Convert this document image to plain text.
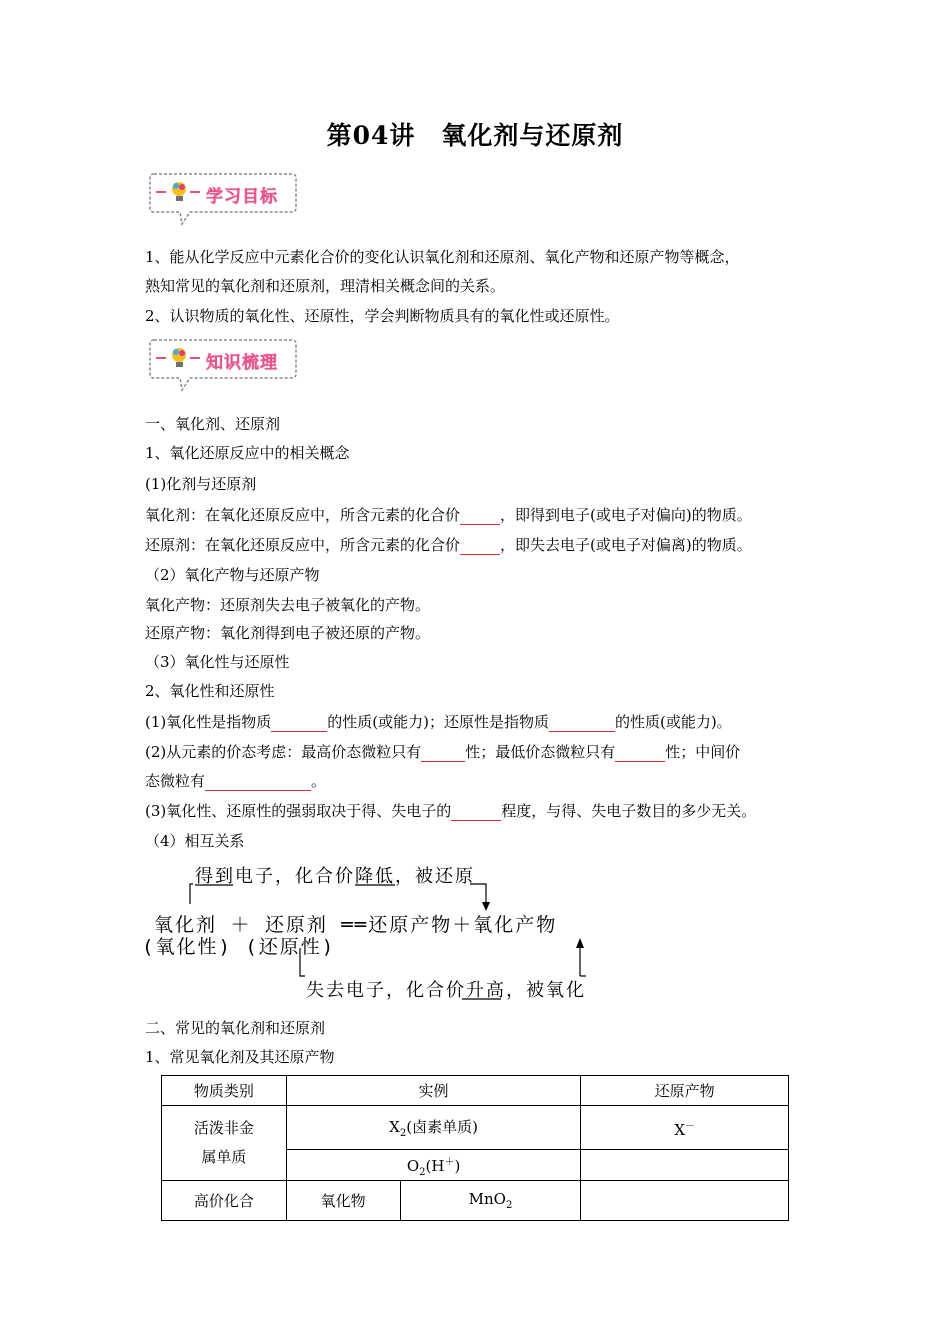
第04讲　氧化剂与还原剂
学习目标
1、能从化学反应中元素化合价的变化认识氧化剂和还原剂、氧化产物和还原产物等概念，
熟知常见的氧化剂和还原剂，理清相关概念间的关系。
2、认识物质的氧化性、还原性，学会判断物质具有的氧化性或还原性。
知识梳理
一、氧化剂、还原剂
1、氧化还原反应中的相关概念
(1)化剂与还原剂
氧化剂：在氧化还原反应中，所含元素的化合价	，即得到电子(或电子对偏向)的物质。
还原剂：在氧化还原反应中，所含元素的化合价	，即失去电子(或电子对偏离)的物质。
（2）氧化产物与还原产物
氧化产物：还原剂失去电子被氧化的产物。
还原产物：氧化剂得到电子被还原的产物。
（3）氧化性与还原性
2、氧化性和还原性
(1)氧化性是指物质	的性质(或能力)；还原性是指物质	的性质(或能力)。
(2)从元素的价态考虑：最高价态微粒只有	性；最低价态微粒只有	性；中间价
态微粒有	。
(3)氧化性、还原性的强弱取决于得、失电子的	程度，与得、失电子数目的多少无关。
（4）相互关系
得到电子，化合价降低，被还原
氧化剂 ＋ 还原剂 ══还原产物＋氧化产物
(氧化性) (还原性)
失去电子，化合价升高，被氧化
二、常见的氧化剂和还原剂
1、常见氧化剂及其还原产物
物质类别	实例		还原产物
活泼非金
属单质	$X_2$(卤素单质)		X－
	$O_2(H^+)$		
高价化合	氧化物	MnO$_2$	
